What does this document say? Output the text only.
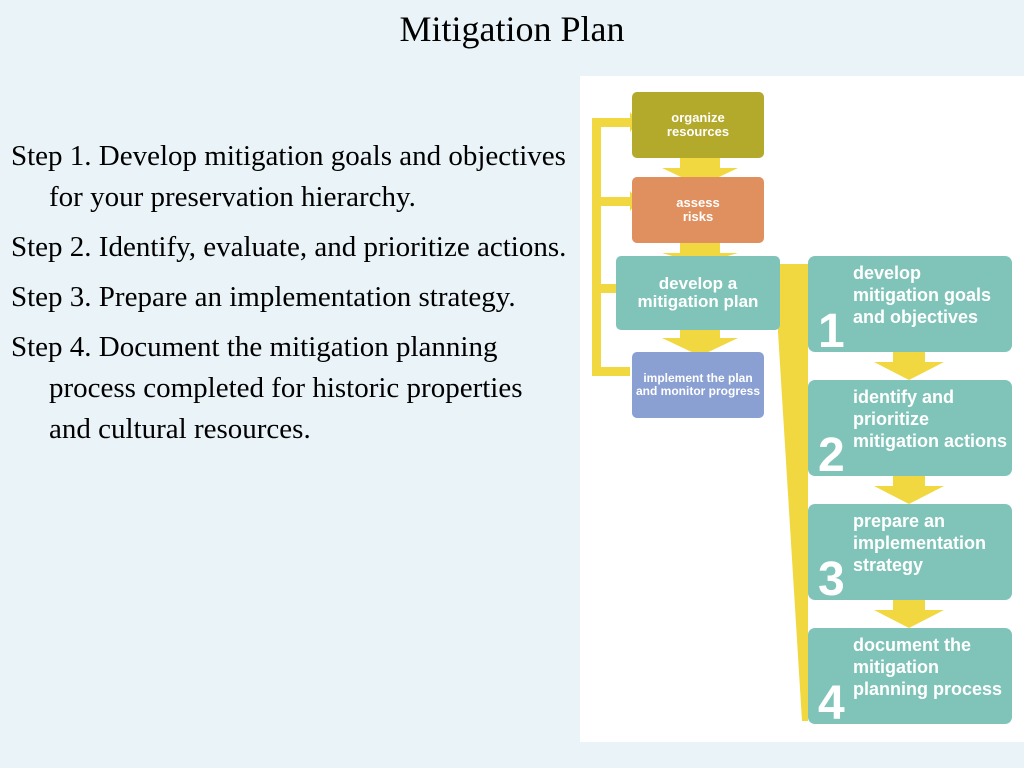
Mitigation Plan
Step 1. Develop mitigation goals and objectives for your preservation hierarchy.
Step 2. Identify, evaluate, and prioritize actions.
Step 3. Prepare an implementation strategy.
Step 4. Document the mitigation planning process completed for historic properties and cultural resources.
organize resources
assess risks
develop a mitigation plan
implement the plan and monitor progress
1
develop mitigation goals and objectives
2
identify and prioritize mitigation actions
3
prepare an implementation strategy
4
document the mitigation planning process
